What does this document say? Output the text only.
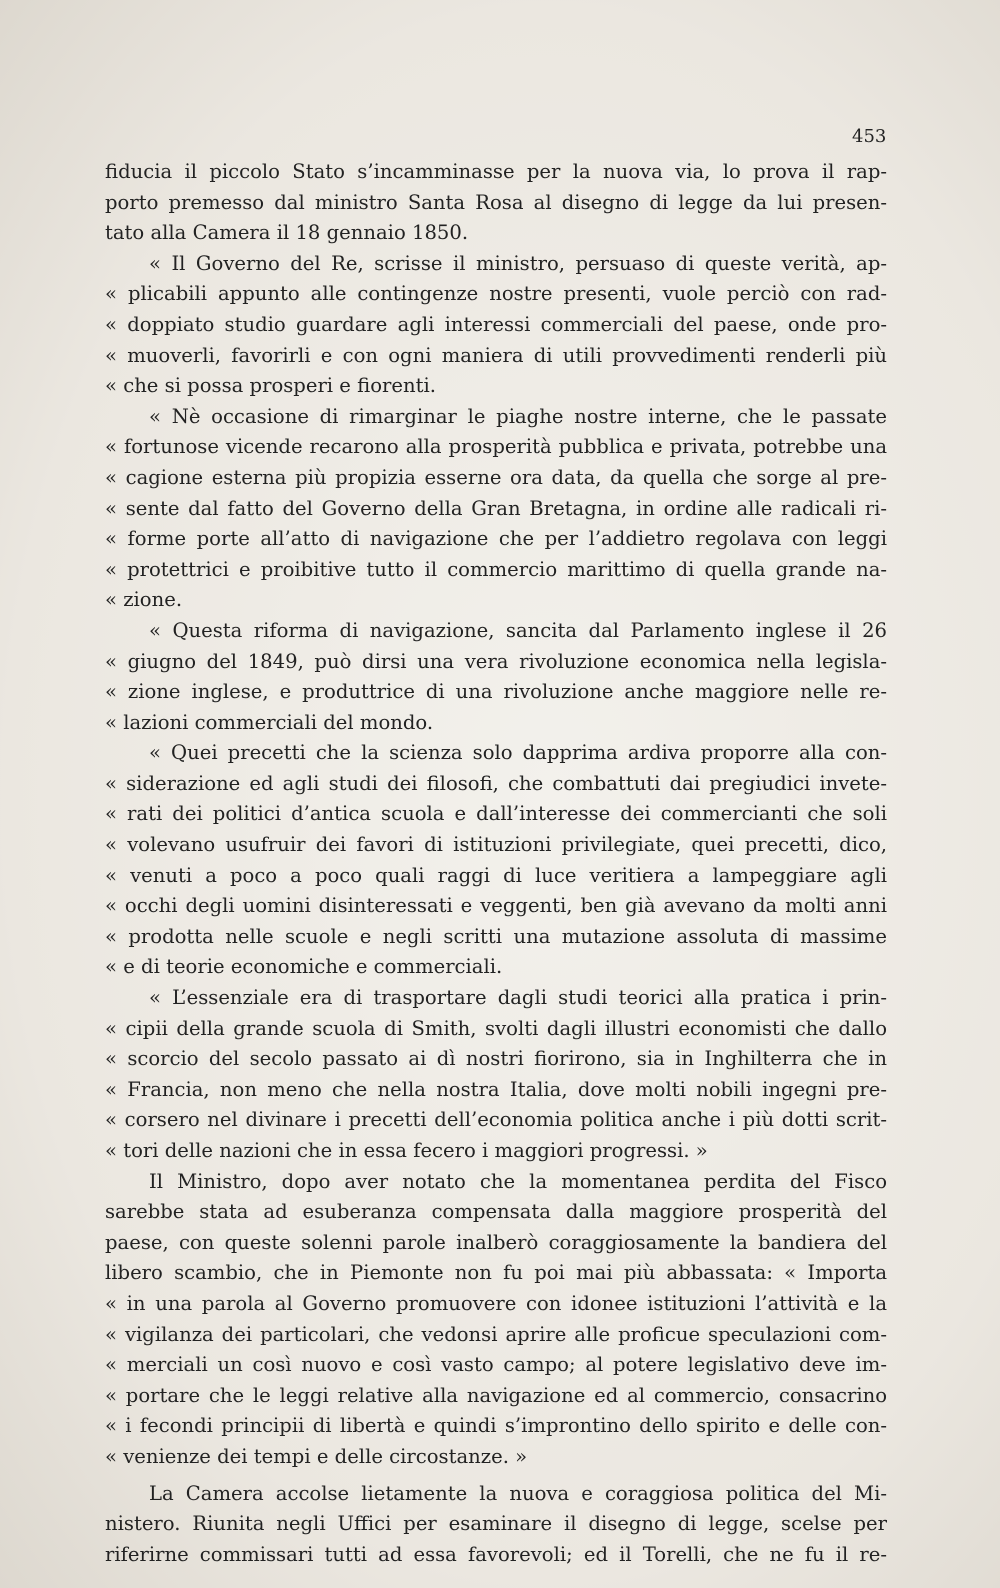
453
fiducia il piccolo Stato s’incamminasse per la nuova via, lo prova il rap-
porto premesso dal ministro Santa Rosa al disegno di legge da lui presen-
tato alla Camera il 18 gennaio 1850.
« Il Governo del Re, scrisse il ministro, persuaso di queste verità, ap-
« plicabili appunto alle contingenze nostre presenti, vuole perciò con rad-
« doppiato studio guardare agli interessi commerciali del paese, onde pro-
« muoverli, favorirli e con ogni maniera di utili provvedimenti renderli più
« che si possa prosperi e fiorenti.
« Nè occasione di rimarginar le piaghe nostre interne, che le passate
« fortunose vicende recarono alla prosperità pubblica e privata, potrebbe una
« cagione esterna più propizia esserne ora data, da quella che sorge al pre-
« sente dal fatto del Governo della Gran Bretagna, in ordine alle radicali ri-
« forme porte all’atto di navigazione che per l’addietro regolava con leggi
« protettrici e proibitive tutto il commercio marittimo di quella grande na-
« zione.
« Questa riforma di navigazione, sancita dal Parlamento inglese il 26
« giugno del 1849, può dirsi una vera rivoluzione economica nella legisla-
« zione inglese, e produttrice di una rivoluzione anche maggiore nelle re-
« lazioni commerciali del mondo.
« Quei precetti che la scienza solo dapprima ardiva proporre alla con-
« siderazione ed agli studi dei filosofi, che combattuti dai pregiudici invete-
« rati dei politici d’antica scuola e dall’interesse dei commercianti che soli
« volevano usufruir dei favori di istituzioni privilegiate, quei precetti, dico,
« venuti a poco a poco quali raggi di luce veritiera a lampeggiare agli
« occhi degli uomini disinteressati e veggenti, ben già avevano da molti anni
« prodotta nelle scuole e negli scritti una mutazione assoluta di massime
« e di teorie economiche e commerciali.
« L’essenziale era di trasportare dagli studi teorici alla pratica i prin-
« cipii della grande scuola di Smith, svolti dagli illustri economisti che dallo
« scorcio del secolo passato ai dì nostri fiorirono, sia in Inghilterra che in
« Francia, non meno che nella nostra Italia, dove molti nobili ingegni pre-
« corsero nel divinare i precetti dell’economia politica anche i più dotti scrit-
« tori delle nazioni che in essa fecero i maggiori progressi. »
Il Ministro, dopo aver notato che la momentanea perdita del Fisco
sarebbe stata ad esuberanza compensata dalla maggiore prosperità del
paese, con queste solenni parole inalberò coraggiosamente la bandiera del
libero scambio, che in Piemonte non fu poi mai più abbassata: « Importa
« in una parola al Governo promuovere con idonee istituzioni l’attività e la
« vigilanza dei particolari, che vedonsi aprire alle proficue speculazioni com-
« merciali un così nuovo e così vasto campo; al potere legislativo deve im-
« portare che le leggi relative alla navigazione ed al commercio, consacrino
« i fecondi principii di libertà e quindi s’improntino dello spirito e delle con-
« venienze dei tempi e delle circostanze. »
La Camera accolse lietamente la nuova e coraggiosa politica del Mi-
nistero. Riunita negli Uffici per esaminare il disegno di legge, scelse per
riferirne commissari tutti ad essa favorevoli; ed il Torelli, che ne fu il re-
